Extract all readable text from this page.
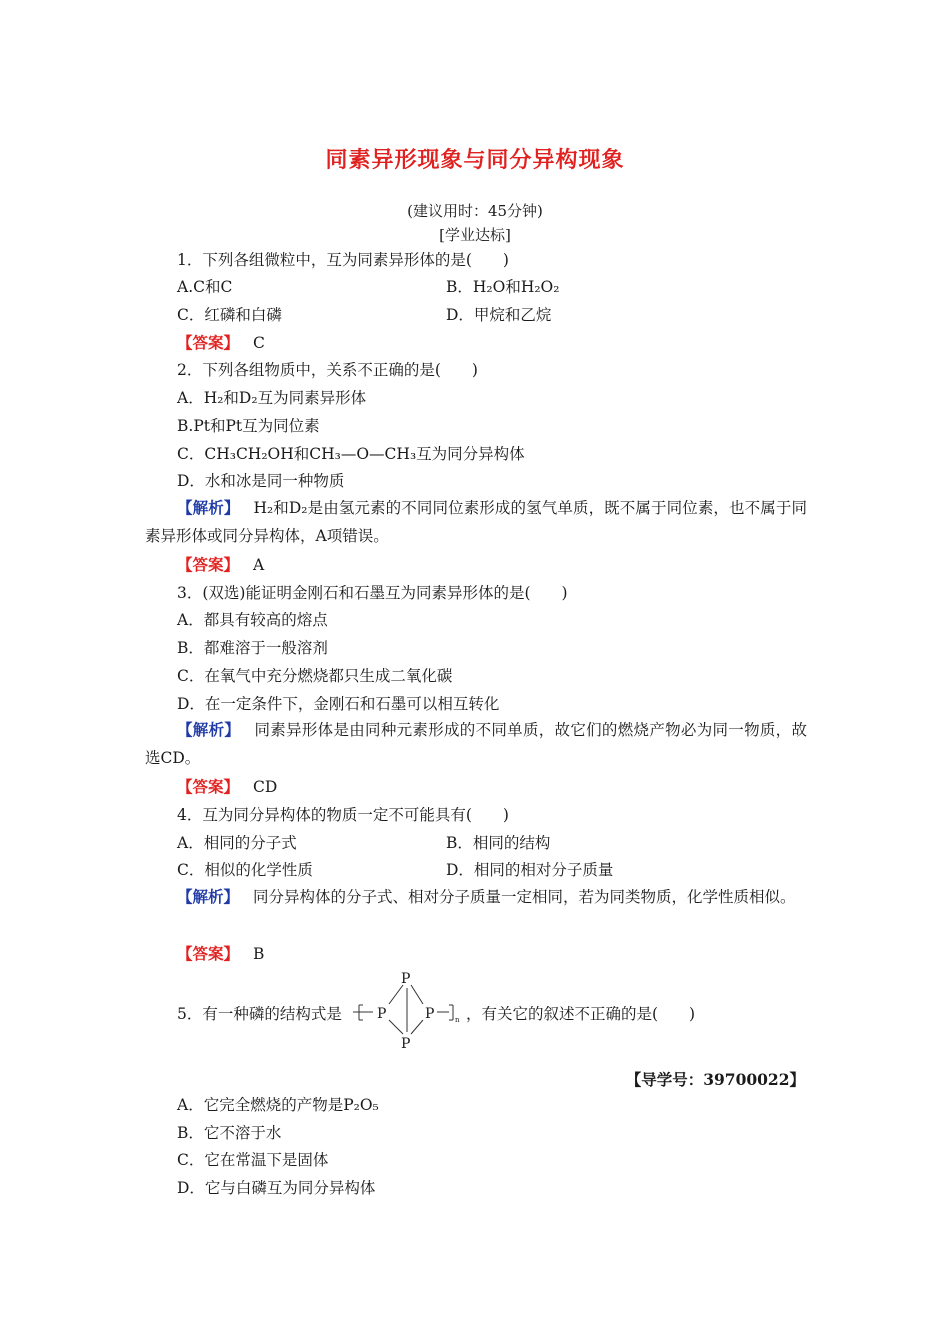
同素异形现象与同分异构现象
(建议用时：45分钟)
[学业达标]
1．下列各组微粒中，互为同素异形体的是(　　)
A.C和C	B．H₂O和H₂O₂
C．红磷和白磷	D．甲烷和乙烷
【答案】 C
2．下列各组物质中，关系不正确的是(　　)
A．H₂和D₂互为同素异形体
B.Pt和Pt互为同位素
C．CH₃CH₂OH和CH₃—O—CH₃互为同分异构体
D．水和冰是同一种物质
【解析】 H₂和D₂是由氢元素的不同同位素形成的氢气单质，既不属于同位素，也不属于同素异形体或同分异构体，A项错误。
【答案】 A
3．(双选)能证明金刚石和石墨互为同素异形体的是(　　)
A．都具有较高的熔点
B．都难溶于一般溶剂
C．在氧气中充分燃烧都只生成二氧化碳
D．在一定条件下，金刚石和石墨可以相互转化
【解析】 同素异形体是由同种元素形成的不同单质，故它们的燃烧产物必为同一物质，故选CD。
【答案】 CD
4．互为同分异构体的物质一定不可能具有(　　)
A．相同的分子式	B．相同的结构
C．相似的化学性质	D．相同的相对分子质量
【解析】 同分异构体的分子式、相对分子质量一定相同，若为同类物质，化学性质相似。
【答案】 B
5．有一种磷的结构式是
P
P	P
P
n ，有关它的叙述不正确的是(　　)
【导学号：39700022】
A．它完全燃烧的产物是P₂O₅
B．它不溶于水
C．它在常温下是固体
D．它与白磷互为同分异构体
